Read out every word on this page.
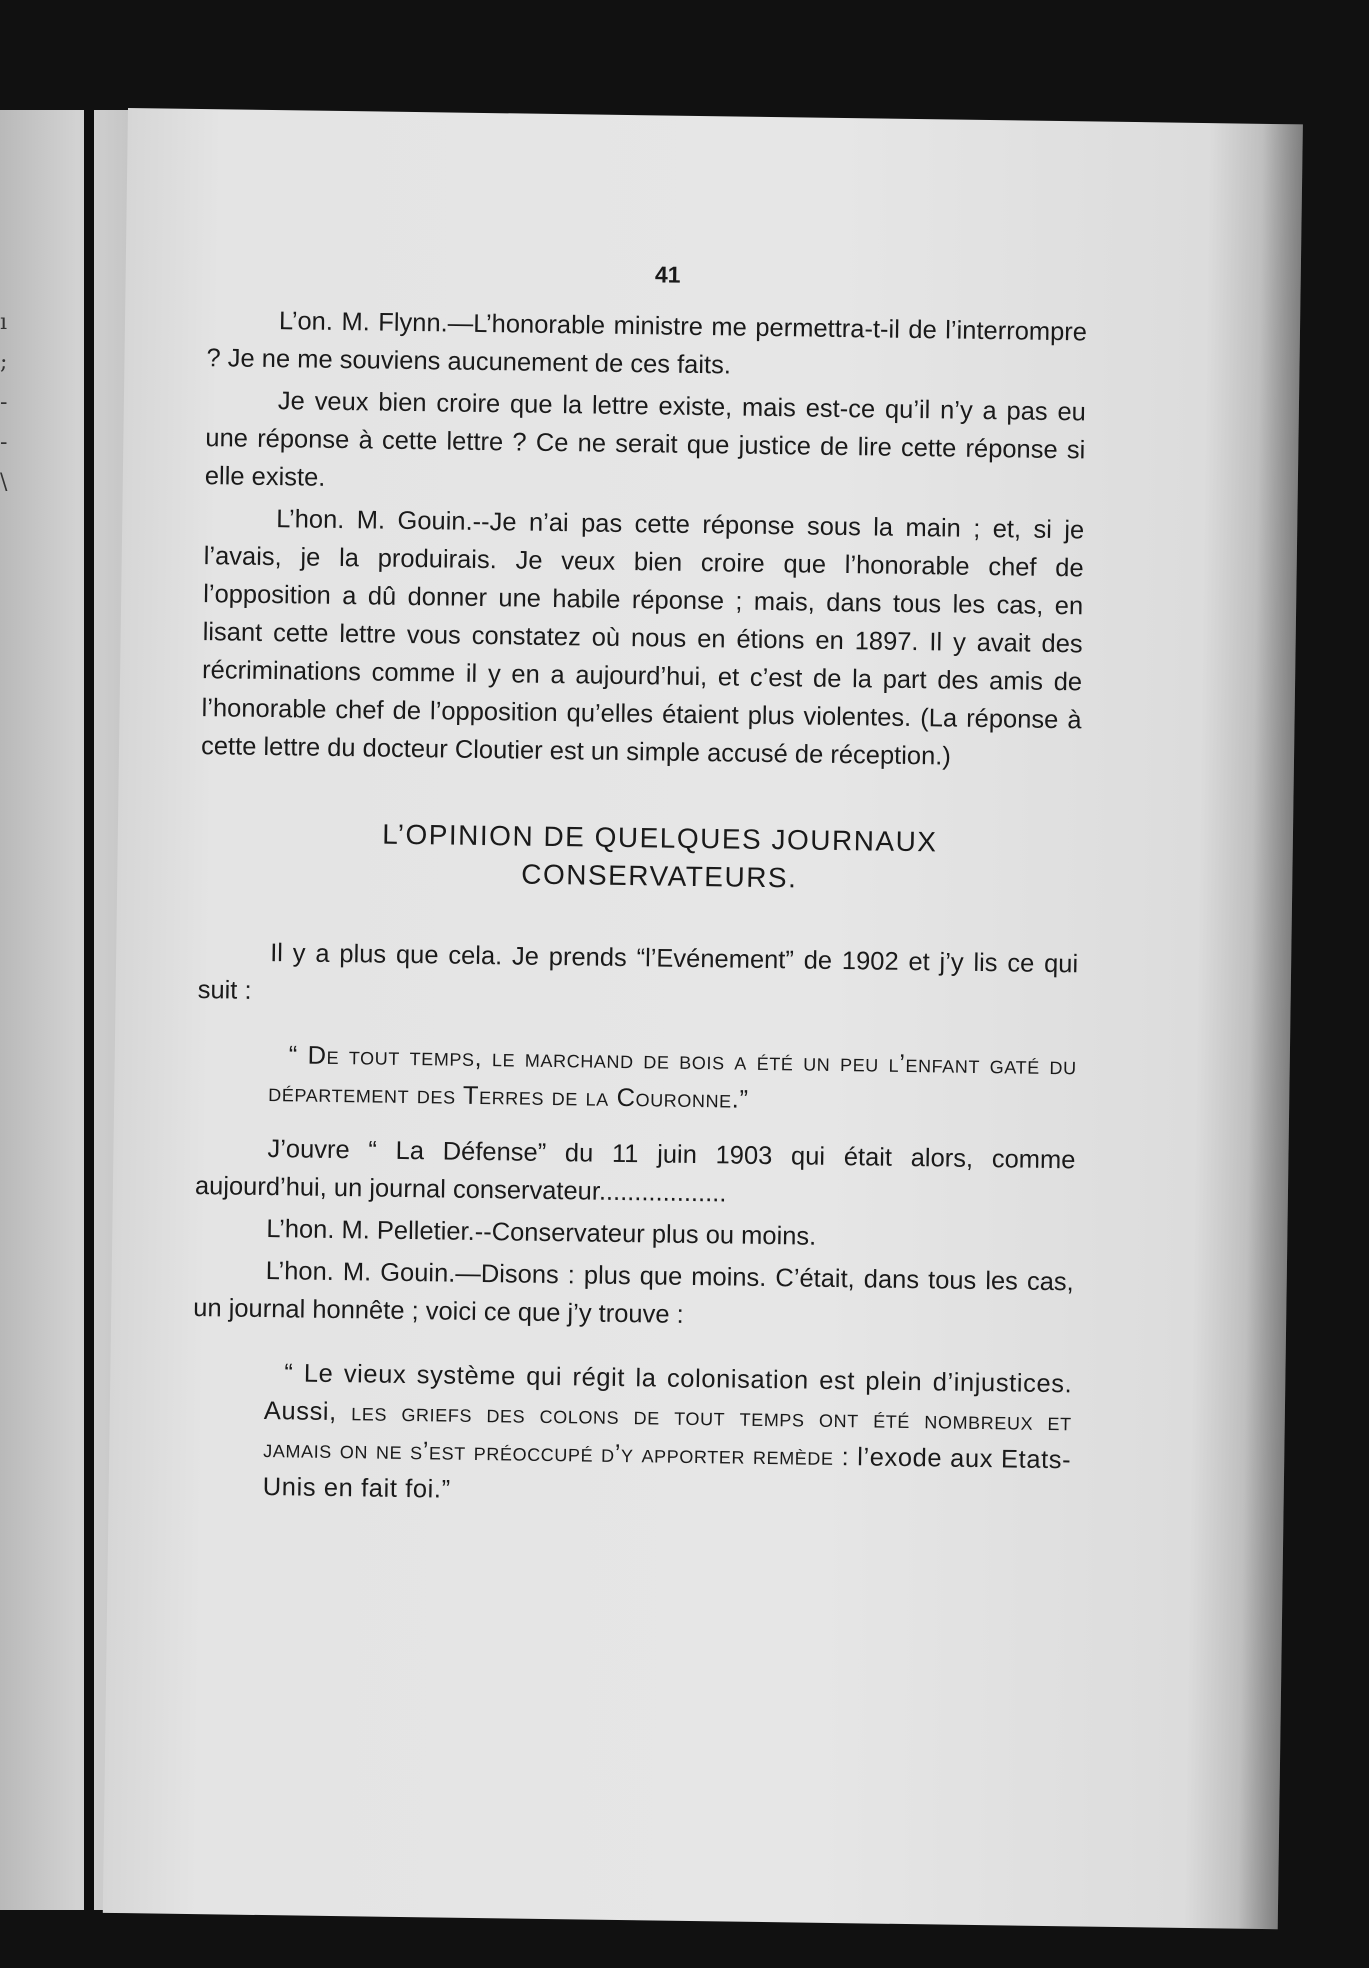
ı
;
-
-
\
41

L’on. M. Flynn.—L’honorable ministre me permettra-t-il de l’interrompre ? Je ne me souviens aucunement de ces faits.

Je veux bien croire que la lettre existe, mais est-ce qu’il n’y a pas eu une réponse à cette lettre ? Ce ne serait que justice de lire cette réponse si elle existe.

L’hon. M. Gouin.--Je n’ai pas cette réponse sous la main ; et, si je l’avais, je la produirais. Je veux bien croire que l’honorable chef de l’opposition a dû donner une habile réponse ; mais, dans tous les cas, en lisant cette lettre vous constatez où nous en étions en 1897. Il y avait des récriminations comme il y en a aujourd’hui, et c’est de la part des amis de l’honorable chef de l’opposition qu’elles étaient plus violentes. (La réponse à cette lettre du docteur Cloutier est un simple accusé de réception.)

L’OPINION DE QUELQUES JOURNAUX
CONSERVATEURS.

Il y a plus que cela. Je prends “l’Evénement” de 1902 et j’y lis ce qui suit :

“ De tout temps, le marchand de bois a été un peu l’enfant gaté du département des Terres de la Couronne.”

J’ouvre “ La Défense” du 11 juin 1903 qui était alors, comme aujourd’hui, un journal conservateur..................

L’hon. M. Pelletier.--Conservateur plus ou moins.

L’hon. M. Gouin.—Disons : plus que moins. C’était, dans tous les cas, un journal honnête ; voici ce que j’y trouve :

“ Le vieux système qui régit la colonisation est plein d’injustices. Aussi, les griefs des colons de tout temps ont été nombreux et jamais on ne s’est préoccupé d’y apporter remède : l’exode aux Etats-Unis en fait foi.”
